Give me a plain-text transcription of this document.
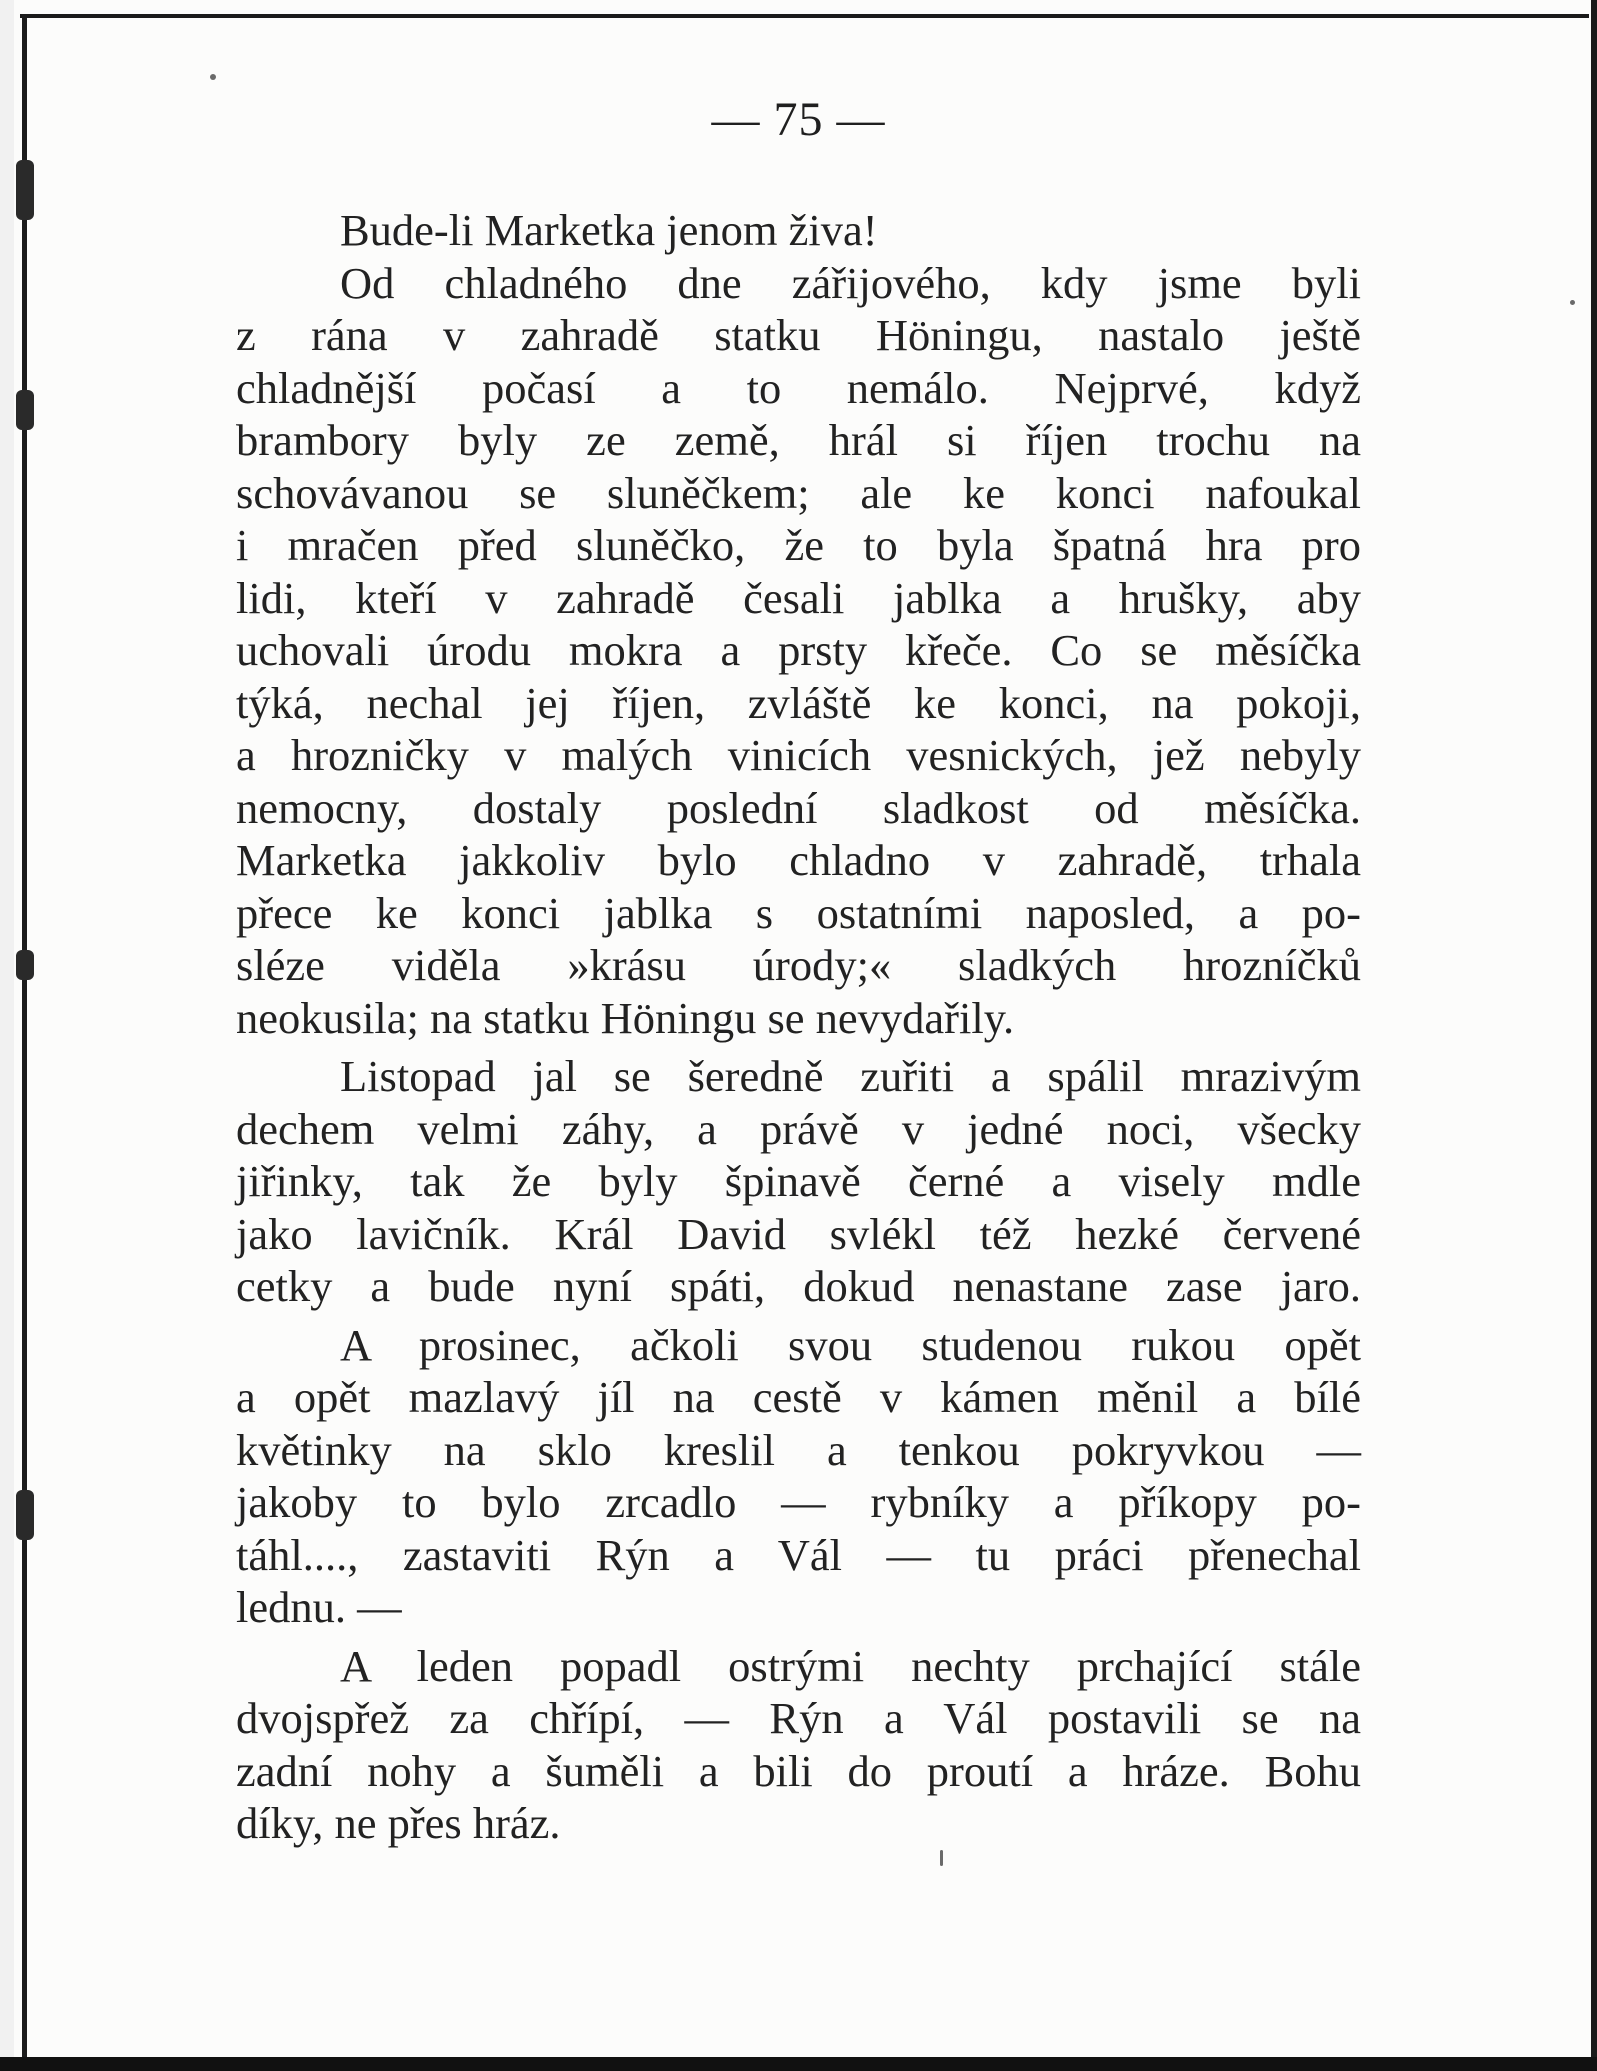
— 75 —
Bude-li Marketka jenom živa!
Od chladného dne zářijového, kdy jsme byli
z rána v zahradě statku Höningu, nastalo ještě
chladnější počasí a to nemálo. Nejprvé, když
brambory byly ze země, hrál si říjen trochu na
schovávanou se sluněčkem; ale ke konci nafoukal
i mračen před sluněčko, že to byla špatná hra pro
lidi, kteří v zahradě česali jablka a hrušky, aby
uchovali úrodu mokra a prsty křeče. Co se měsíčka
týká, nechal jej říjen, zvláště ke konci, na pokoji,
a hrozničky v malých vinicích vesnických, jež nebyly
nemocny, dostaly poslední sladkost od měsíčka.
Marketka jakkoliv bylo chladno v zahradě, trhala
přece ke konci jablka s ostatními naposled, a po-
sléze viděla »krásu úrody;« sladkých hrozníčků
neokusila; na statku Höningu se nevydařily.
Listopad jal se šeredně zuřiti a spálil mrazivým
dechem velmi záhy, a právě v jedné noci, všecky
jiřinky, tak že byly špinavě černé a visely mdle
jako lavičník. Král David svlékl též hezké červené
cetky a bude nyní spáti, dokud nenastane zase jaro.
A prosinec, ačkoli svou studenou rukou opět
a opět mazlavý jíl na cestě v kámen měnil a bílé
květinky na sklo kreslil a tenkou pokryvkou —
jakoby to bylo zrcadlo — rybníky a příkopy po-
táhl...., zastaviti Rýn a Vál — tu práci přenechal
lednu. —
A leden popadl ostrými nechty prchající stále
dvojspřež za chřípí, — Rýn a Vál postavili se na
zadní nohy a šuměli a bili do proutí a hráze. Bohu
díky, ne přes hráz.
